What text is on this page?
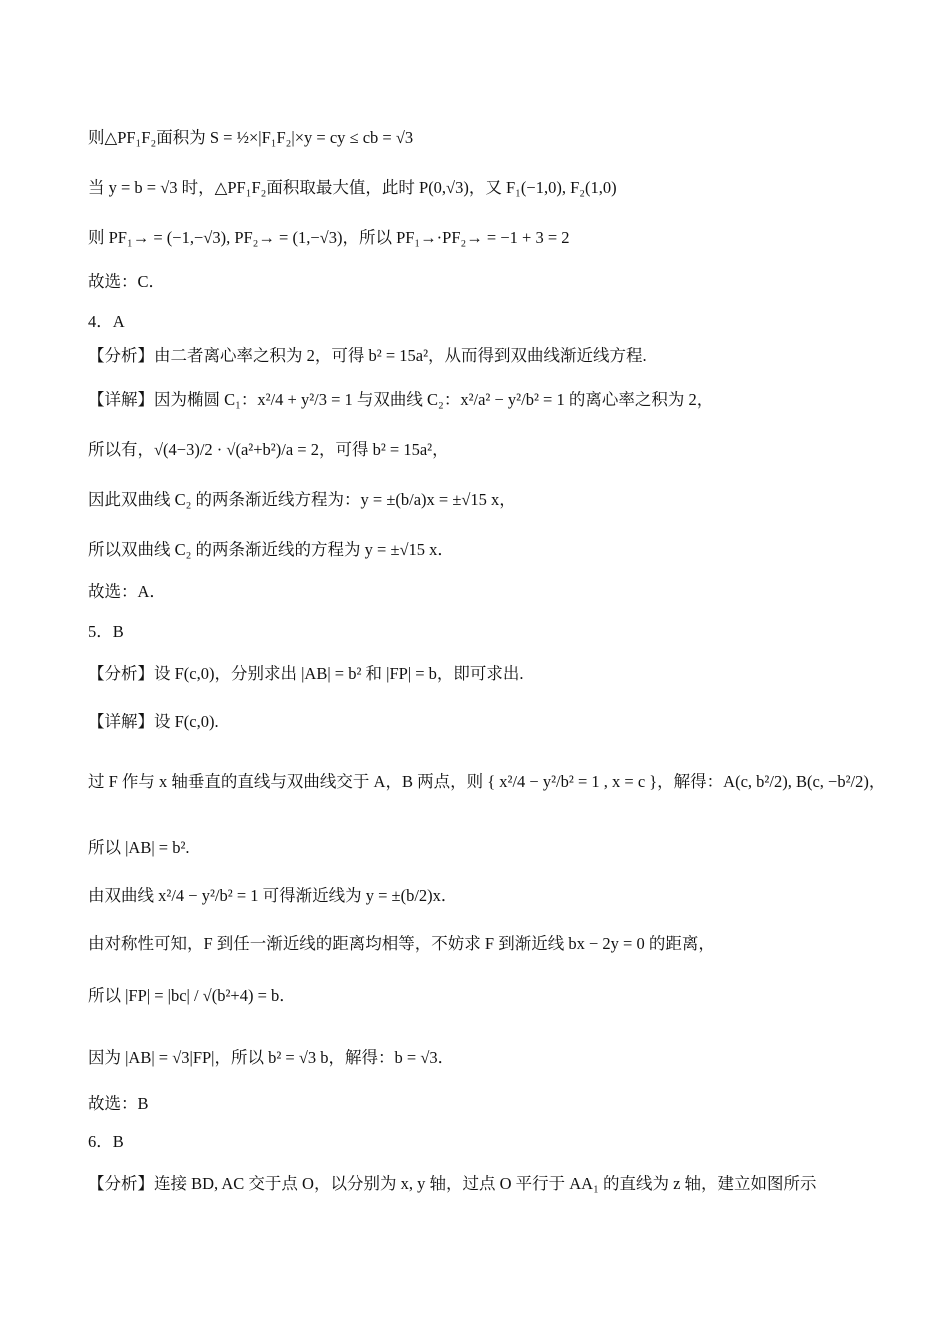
则△PF₁F₂面积为 S = ½×|F₁F₂|×y = cy ≤ cb = √3
当 y = b = √3 时，△PF₁F₂面积取最大值，此时 P(0,√3)，又 F₁(−1,0), F₂(1,0)
则 PF₁→ = (−1,−√3), PF₂→ = (1,−√3)，所以 PF₁→·PF₂→ = −1 + 3 = 2
故选：C．
4．A
【分析】由二者离心率之积为 2，可得 b² = 15a²，从而得到双曲线渐近线方程.
【详解】因为椭圆 C₁：x²/4 + y²/3 = 1 与双曲线 C₂：x²/a² − y²/b² = 1 的离心率之积为 2，
所以有，√(4−3)/2 · √(a²+b²)/a = 2，可得 b² = 15a²，
因此双曲线 C₂ 的两条渐近线方程为：y = ±(b/a)x = ±√15 x，
所以双曲线 C₂ 的两条渐近线的方程为 y = ±√15 x．
故选：A．
5．B
【分析】设 F(c,0)，分别求出 |AB| = b² 和 |FP| = b，即可求出.
【详解】设 F(c,0).
过 F 作与 x 轴垂直的直线与双曲线交于 A，B 两点，则 { x²/4 − y²/b² = 1 , x = c }，解得：A(c, b²/2), B(c, −b²/2)，
所以 |AB| = b².
由双曲线 x²/4 − y²/b² = 1 可得渐近线为 y = ±(b/2)x．
由对称性可知，F 到任一渐近线的距离均相等，不妨求 F 到渐近线 bx − 2y = 0 的距离，
所以 |FP| = |bc| / √(b²+4) = b．
因为 |AB| = √3|FP|，所以 b² = √3 b，解得：b = √3．
故选：B
6．B
【分析】连接 BD, AC 交于点 O，以分别为 x, y 轴，过点 O 平行于 AA₁ 的直线为 z 轴，建立如图所示
